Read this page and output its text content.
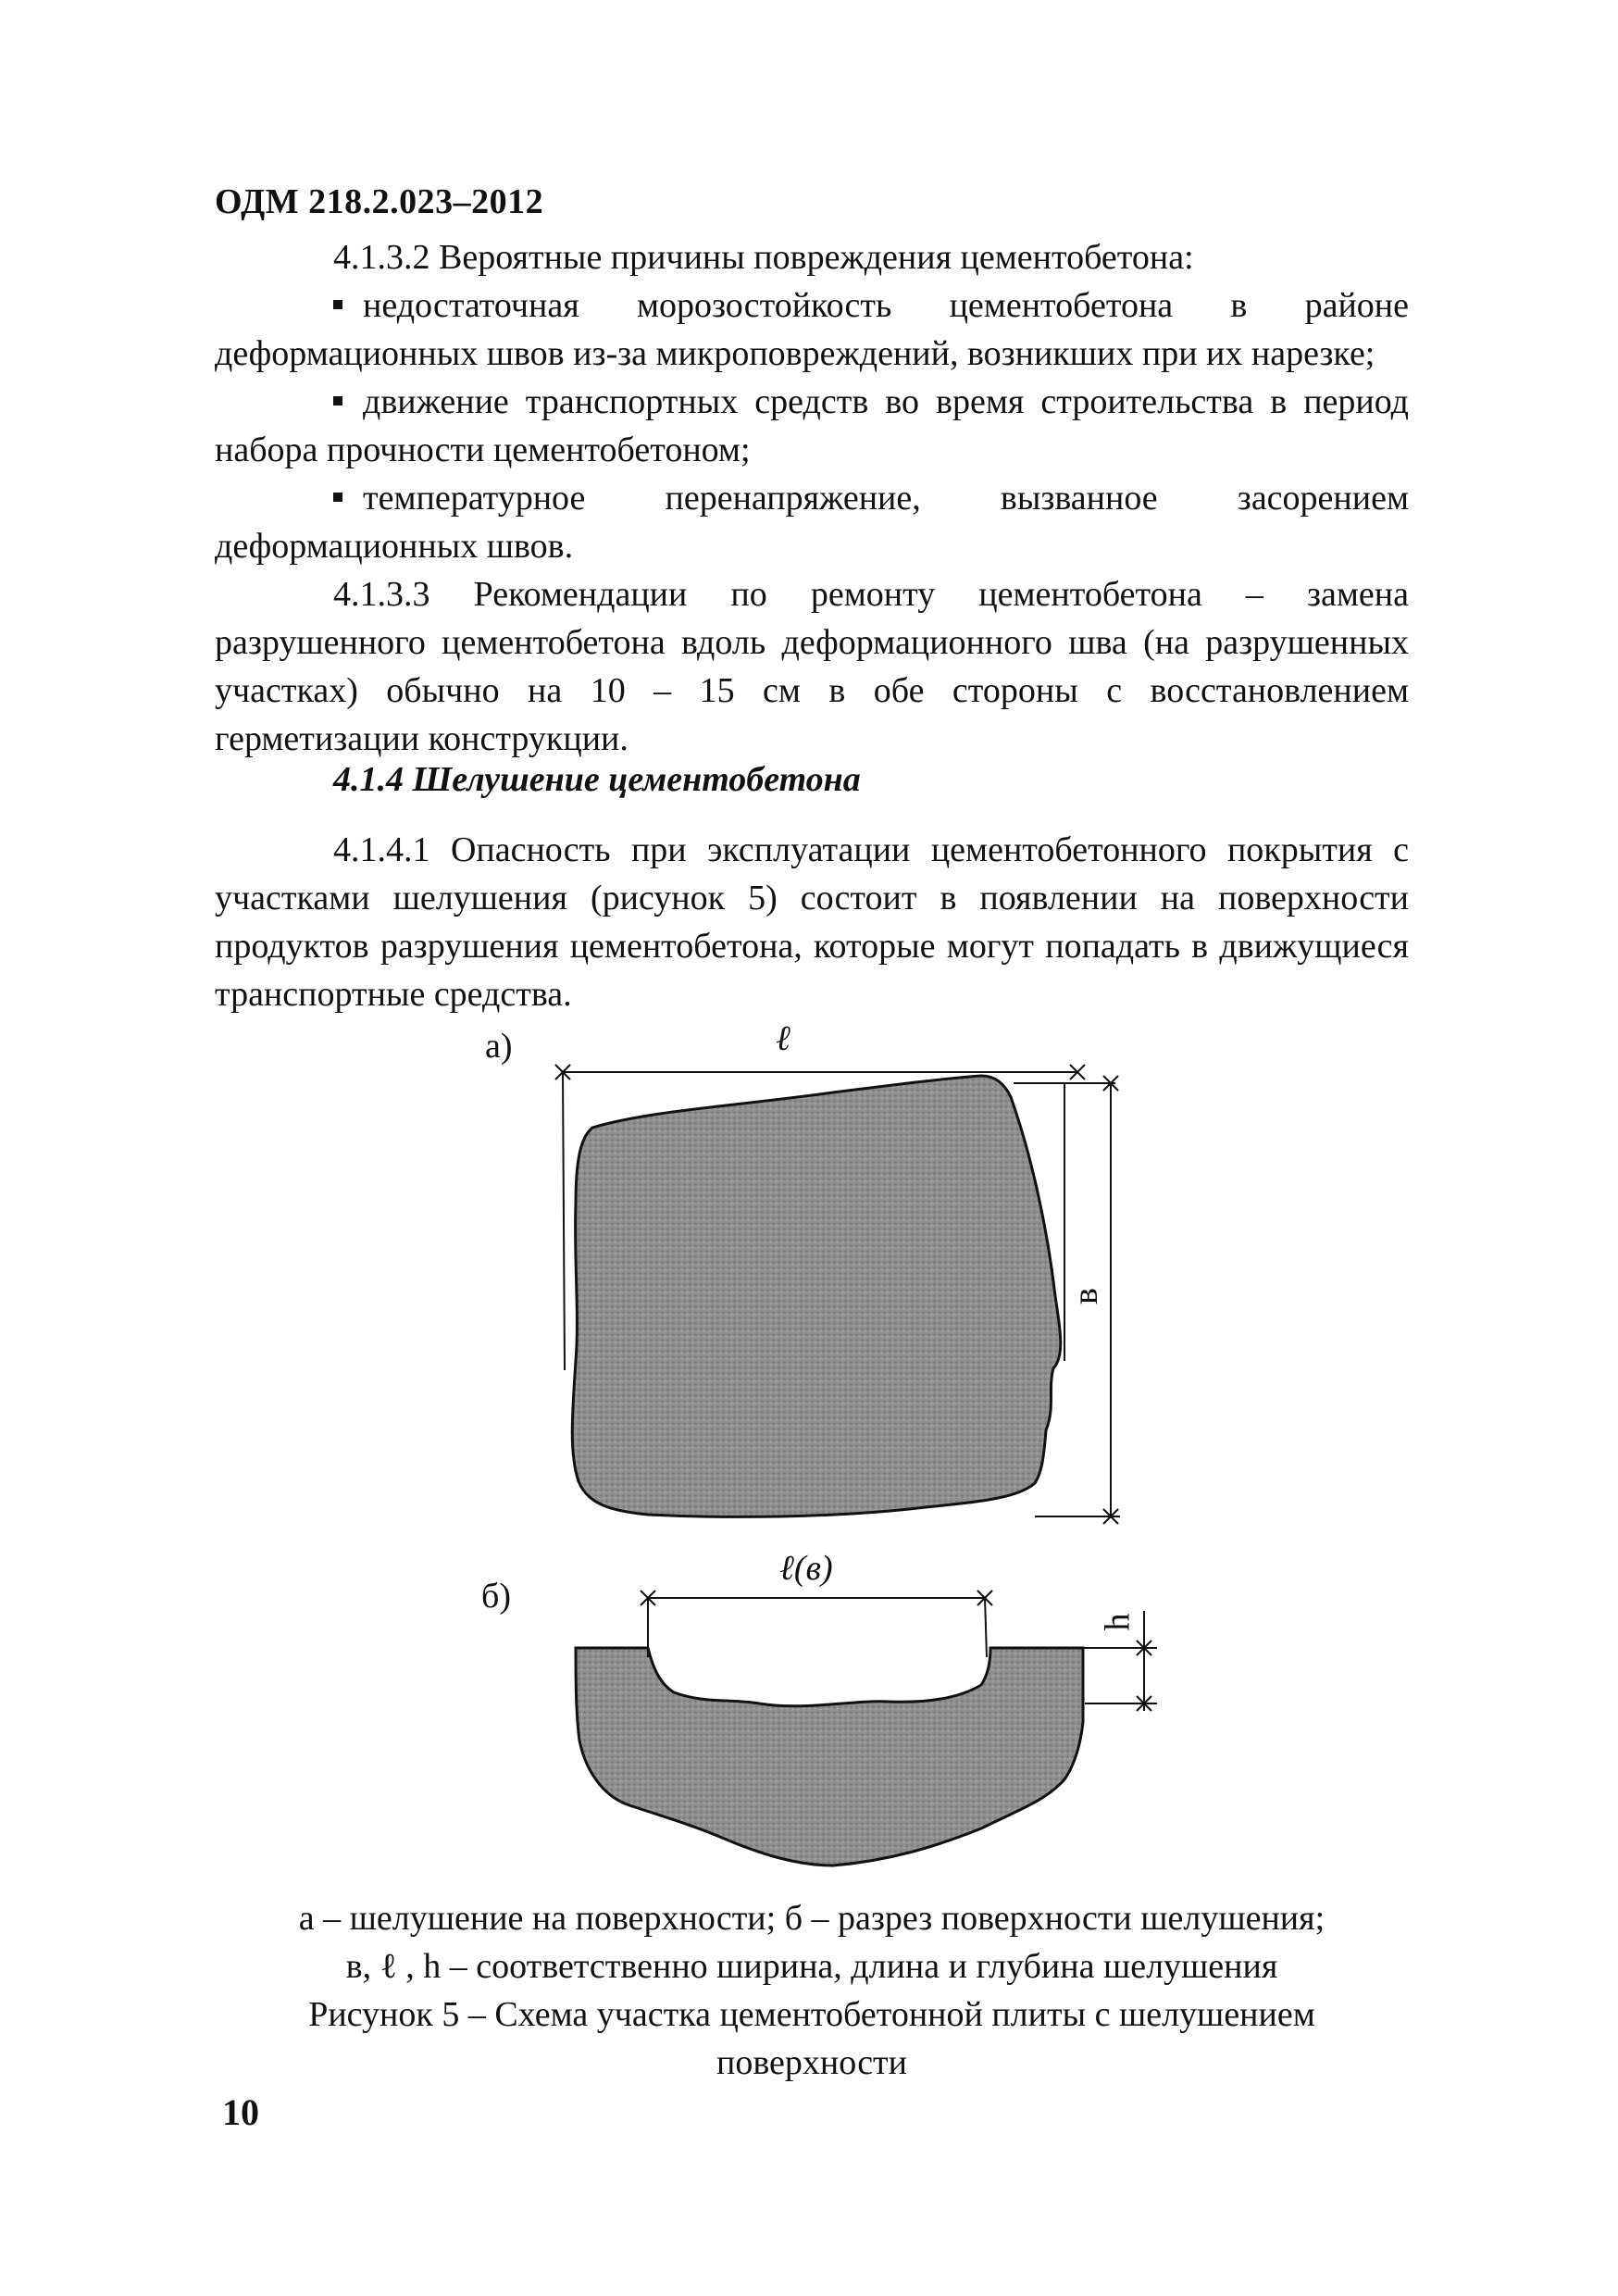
ОДМ 218.2.023–2012

4.1.3.2 Вероятные причины повреждения цементобетона:

недостаточная морозостойкость цементобетона в районе деформационных швов из-за микроповреждений, возникших при их нарезке;

движение транспортных средств во время строительства в период набора прочности цементобетоном;

температурное перенапряжение, вызванное засорением деформационных швов.

4.1.3.3 Рекомендации по ремонту цементобетона – замена разрушенного цементобетона вдоль деформационного шва (на разрушенных участках) обычно на 10 – 15 см в обе стороны с восстановлением герметизации конструкции.

4.1.4 Шелушение цементобетона

4.1.4.1 Опасность при эксплуатации цементобетонного покрытия с участками шелушения (рисунок 5) состоит в появлении на поверхности продуктов разрушения цементобетона, которые могут попадать в движущиеся транспортные средства.

а)
б)
ℓ
в
ℓ(в)
h
а – шелушение на поверхности; б – разрез поверхности шелушения;
в, ℓ , h – соответственно ширина, длина и глубина шелушения
Рисунок 5 – Схема участка цементобетонной плиты с шелушением поверхности
10
